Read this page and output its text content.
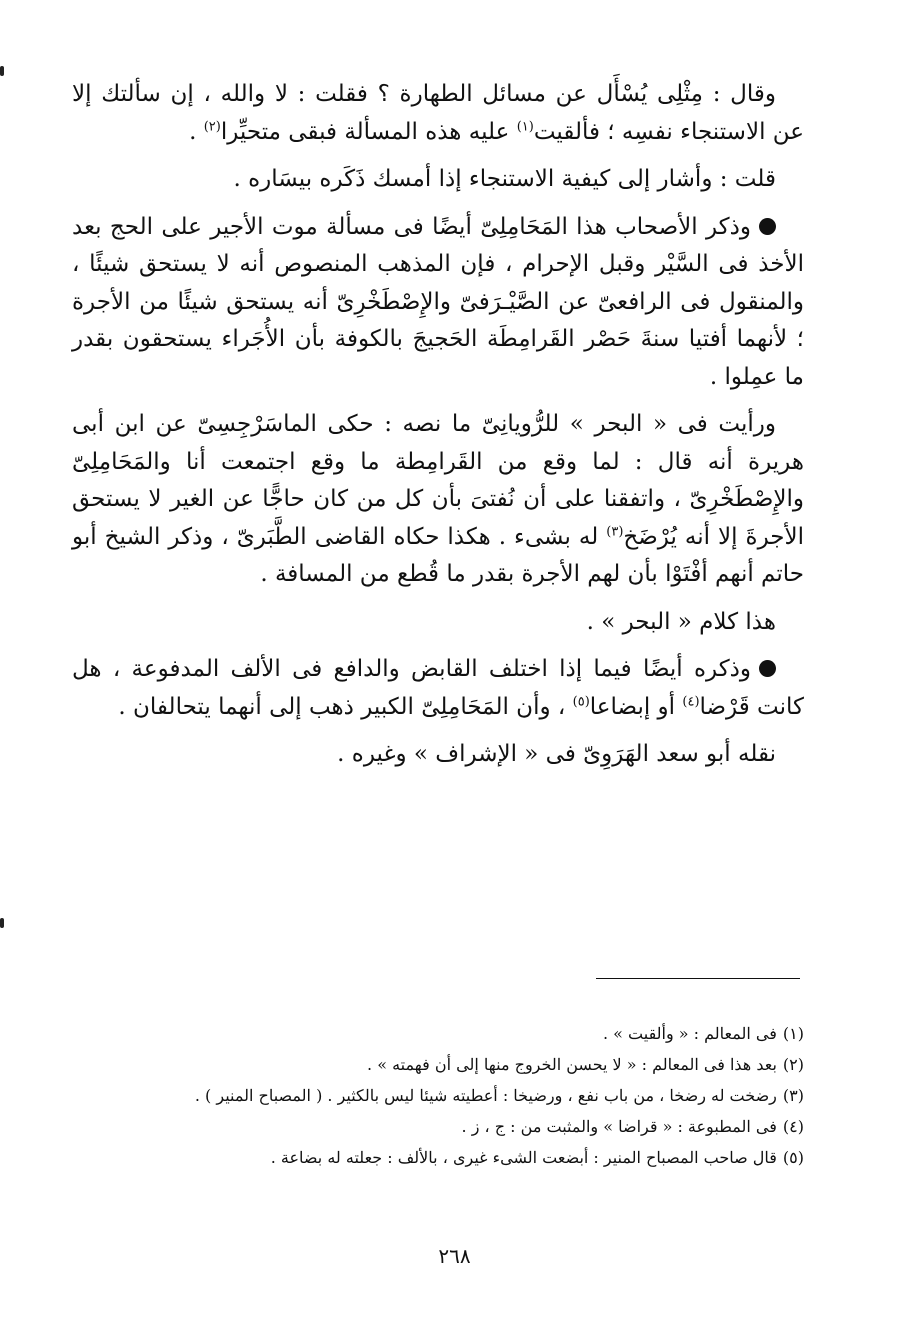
وقال : مِثْلِى يُسْأَل عن مسائل الطهارة ؟ فقلت : لا والله ، إن سألتك إلا عن الاستنجاء نفسِه ؛ فألقيت$^{(١)}$ عليه هذه المسألة فبقى متحيِّرا$^{(٢)}$ .

قلت : وأشار إلى كيفية الاستنجاء إذا أمسك ذَكَره بيسَاره .

وذكر الأصحاب هذا المَحَامِلِىّ أيضًا فى مسألة موت الأجير على الحج بعد الأخذ فى السَّيْر وقبل الإحرام ، فإن المذهب المنصوص أنه لا يستحق شيئًا ، والمنقول فى الرافعىّ عن الصَّيْـرَفىّ والإِصْطَخْرِىّ أنه يستحق شيئًا من الأجرة ؛ لأنهما أفتيا سنةَ حَصْر القَرامِطَة الحَجيجَ بالكوفة بأن الأُجَراء يستحقون بقدر ما عمِلوا .

ورأيت فى « البحر » للرُّويانِىّ ما نصه : حكى الماسَرْجِسِىّ عن ابن أبى هريرة أنه قال : لما وقع من القَرامِطة ما وقع اجتمعت أنا والمَحَامِلِىّ والإِصْطَخْرِىّ ، واتفقنا على أن نُفتىَ بأن كل من كان حاجًّا عن الغير لا يستحق الأجرةَ إلا أنه يُرْضَخ$^{(٣)}$ له بشىء . هكذا حكاه القاضى الطَّبَرىّ ، وذكر الشيخ أبو حاتم أنهم أفْتَوْا بأن لهم الأجرة بقدر ما قُطع من المسافة .

هذا كلام « البحر » .

وذكره أيضًا فيما إذا اختلف القابض والدافع فى الألف المدفوعة ، هل كانت قَرْضا$^{(٤)}$ أو إبضاعا$^{(٥)}$ ، وأن المَحَامِلِىّ الكبير ذهب إلى أنهما يتحالفان .

نقله أبو سعد الهَرَوِىّ فى « الإشراف » وغيره .

(١)فى المعالم : « وألقيت » .

(٢)بعد هذا فى المعالم : « لا يحسن الخروج منها إلى أن فهمته » .

(٣)رضخت له رضخا ، من باب نفع ، ورضيخا : أعطيته شيئا ليس بالكثير . ( المصباح المنير ) .

(٤)فى المطبوعة : « قراضا » والمثبت من : ج ، ز .

(٥)قال صاحب المصباح المنير : أبضعت الشىء غيرى ، بالألف : جعلته له بضاعة .

٢٦٨
